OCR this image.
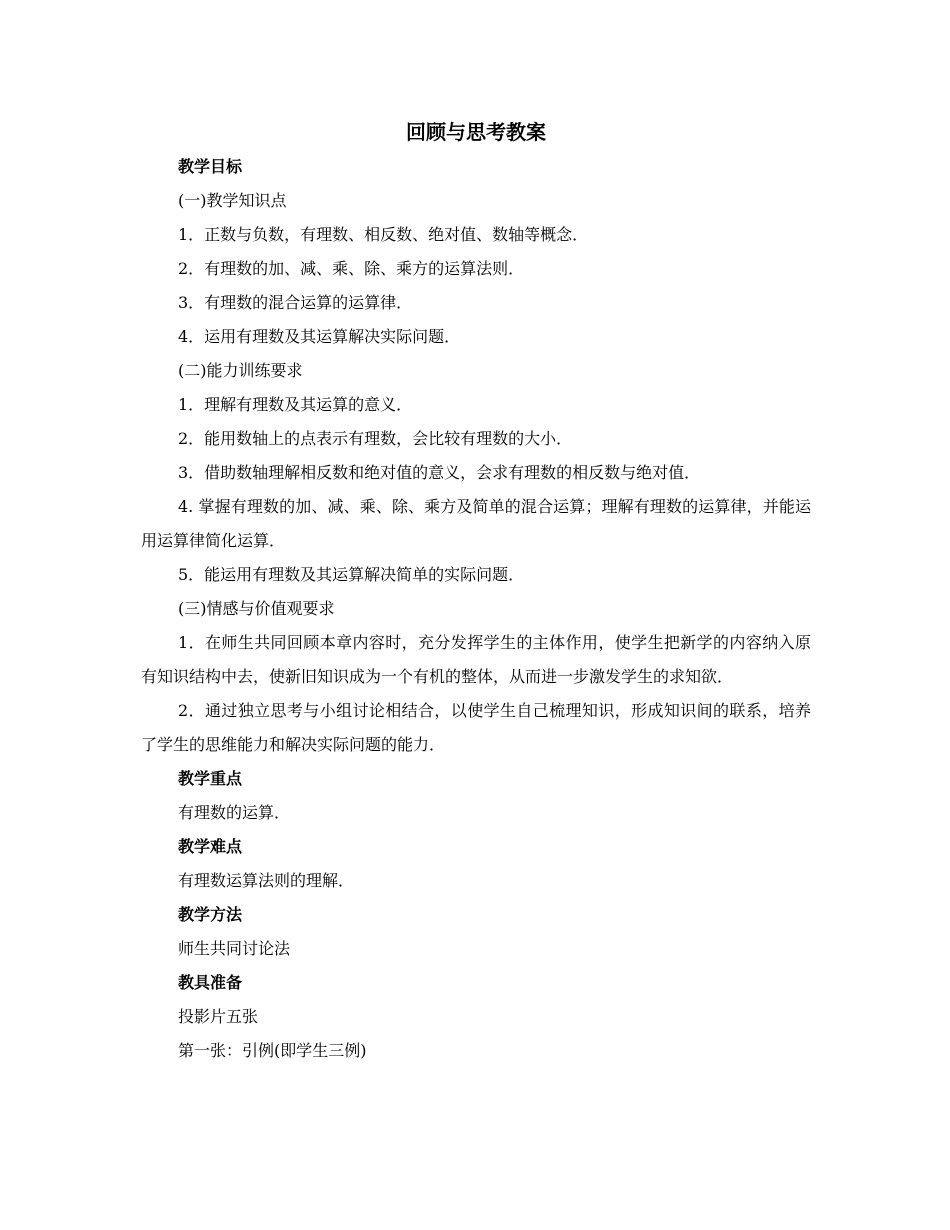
回顾与思考教案
教学目标
(一)教学知识点
1．正数与负数，有理数、相反数、绝对值、数轴等概念．
2．有理数的加、减、乘、除、乘方的运算法则．
3．有理数的混合运算的运算律．
4．运用有理数及其运算解决实际问题．
(二)能力训练要求
1．理解有理数及其运算的意义．
2．能用数轴上的点表示有理数，会比较有理数的大小．
3．借助数轴理解相反数和绝对值的意义，会求有理数的相反数与绝对值．
4. 掌握有理数的加、减、乘、除、乘方及简单的混合运算；理解有理数的运算律，并能运用运算律简化运算．
5．能运用有理数及其运算解决简单的实际问题．
(三)情感与价值观要求
1．在师生共同回顾本章内容时，充分发挥学生的主体作用，使学生把新学的内容纳入原有知识结构中去，使新旧知识成为一个有机的整体，从而进一步激发学生的求知欲．
2．通过独立思考与小组讨论相结合，以使学生自己梳理知识，形成知识间的联系，培养了学生的思维能力和解决实际问题的能力．
教学重点
有理数的运算．
教学难点
有理数运算法则的理解．
教学方法
师生共同讨论法
教具准备
投影片五张
第一张：引例(即学生三例)
